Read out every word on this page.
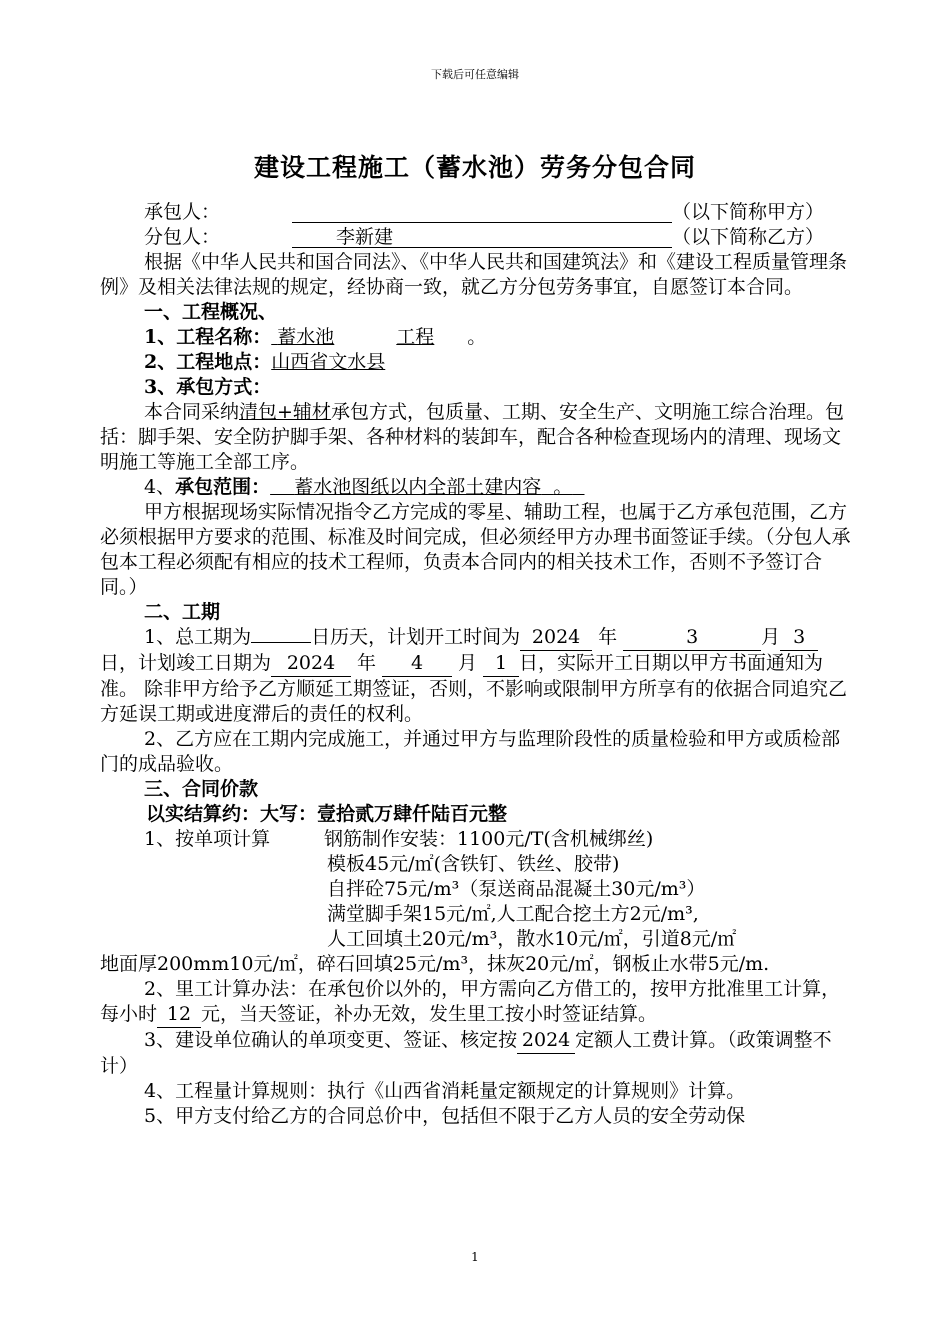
下载后可任意编辑
建设工程施工（蓄水池）劳务分包合同
承包人：	（以下简称甲方）
分包人：	李新建	（以下简称乙方）

根据《中华人民共和国合同法》、《中华人民共和国建筑法》和《建设工程质量管理条例》及相关法律法规的规定，经协商一致，就乙方分包劳务事宜，自愿签订本合同。

一、工程概况、

1、工程名称： 蓄水池	工程 。

2、工程地点：山西省文水县

3、承包方式：

本合同采纳清包+辅材承包方式，包质量、工期、安全生产、文明施工综合治理。包括：脚手架、安全防护脚手架、各种材料的装卸车，配合各种检查现场内的清理、现场文明施工等施工全部工序。

4、承包范围： 蓄水池图纸以内全部土建内容 。

甲方根据现场实际情况指令乙方完成的零星、辅助工程，也属于乙方承包范围，乙方必须根据甲方要求的范围、标准及时间完成，但必须经甲方办理书面签证手续。（分包人承包本工程必须配有相应的技术工程师，负责本合同内的相关技术工作，否则不予签订合同。）

二、工期

1、总工期为	日历天，计划开工时间为 2024 年	3	月 3日，计划竣工日期为 2024 年 4 月 1 日，实际开工日期以甲方书面通知为准。 除非甲方给予乙方顺延工期签证，否则，不影响或限制甲方所享有的依据合同追究乙方延误工期或进度滞后的责任的权利。

2、乙方应在工期内完成施工，并通过甲方与监理阶段性的质量检验和甲方或质检部门的成品验收。

三、合同价款

以实结算约：大写：壹拾贰万肆仟陆百元整

1、按单项计算	钢筋制作安装：1100元/T(含机械绑丝)

模板45元/㎡(含铁钉、铁丝、胶带)

自拌砼75元/m³（泵送商品混凝土30元/m³）

满堂脚手架15元/㎡,人工配合挖土方2元/m³,

人工回填土20元/m³，散水10元/㎡，引道8元/㎡

地面厚200mm10元/㎡，碎石回填25元/m³，抹灰20元/㎡，钢板止水带5元/m.

2、里工计算办法：在承包价以外的，甲方需向乙方借工的，按甲方批准里工计算，每小时 12 元，当天签证，补办无效，发生里工按小时签证结算。

3、建设单位确认的单项变更、签证、核定按 2024 定额人工费计算。（政策调整不计）

4、工程量计算规则：执行《山西省消耗量定额规定的计算规则》计算。

5、甲方支付给乙方的合同总价中，包括但不限于乙方人员的安全劳动保

1
